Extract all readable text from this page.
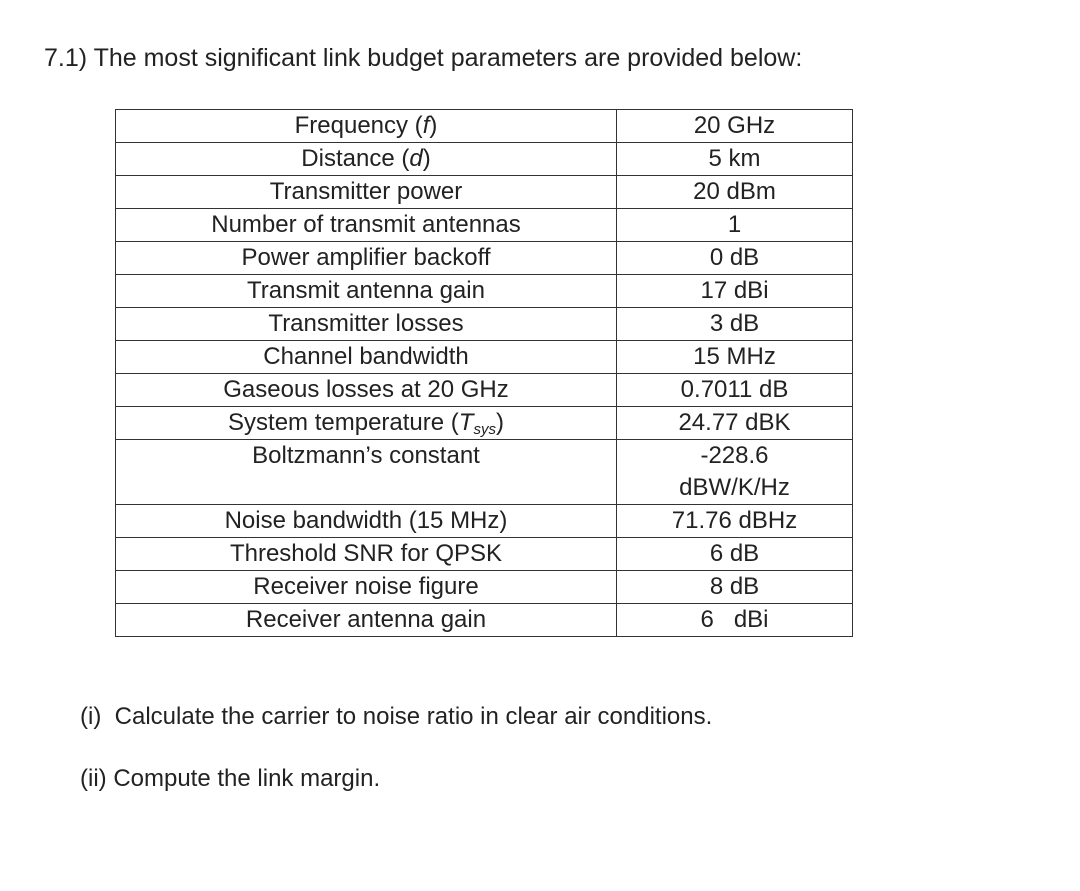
7.1) The most significant link budget parameters are provided below:
Frequency (f)	20 GHz
Distance (d)	5 km
Transmitter power	20 dBm
Number of transmit antennas	1
Power amplifier backoff	0 dB
Transmit antenna gain	17 dBi
Transmitter losses	3 dB
Channel bandwidth	15 MHz
Gaseous losses at 20 GHz	0.7011 dB
System temperature $(T_{sys})$	24.77 dBK
Boltzmann’s constant	-228.6
dBW/K/Hz

Noise bandwidth (15 MHz)	71.76 dBHz
Threshold SNR for QPSK	6 dB
Receiver noise figure	8 dB
Receiver antenna gain	6   dBi
(i)  Calculate the carrier to noise ratio in clear air conditions.
(ii) Compute the link margin.
